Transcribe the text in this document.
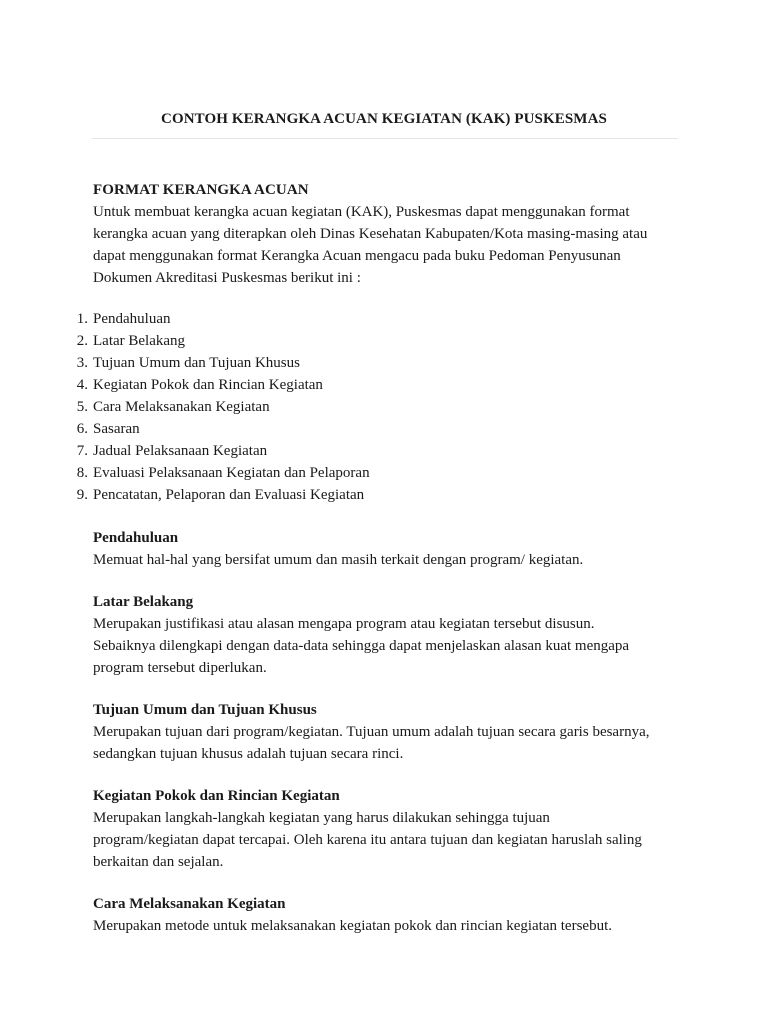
CONTOH KERANGKA ACUAN KEGIATAN (KAK) PUSKESMAS

FORMAT KERANGKA ACUAN

Untuk membuat kerangka acuan kegiatan (KAK), Puskesmas dapat menggunakan format

kerangka acuan yang diterapkan oleh Dinas Kesehatan Kabupaten/Kota masing-masing atau

dapat menggunakan format Kerangka Acuan mengacu pada buku Pedoman Penyusunan

Dokumen Akreditasi Puskesmas berikut ini :

1. Pendahuluan
2. Latar Belakang
3. Tujuan Umum dan Tujuan Khusus
4. Kegiatan Pokok dan Rincian Kegiatan
5. Cara Melaksanakan Kegiatan
6. Sasaran
7. Jadual Pelaksanaan Kegiatan
8. Evaluasi Pelaksanaan Kegiatan dan Pelaporan
9. Pencatatan, Pelaporan dan Evaluasi Kegiatan

Pendahuluan

Memuat hal-hal yang bersifat umum dan masih terkait dengan program/ kegiatan.

Latar Belakang

Merupakan justifikasi atau alasan mengapa program atau kegiatan tersebut disusun.

Sebaiknya dilengkapi dengan data-data sehingga dapat menjelaskan alasan kuat mengapa

program tersebut diperlukan.

Tujuan Umum dan Tujuan Khusus

Merupakan tujuan dari program/kegiatan. Tujuan umum adalah tujuan secara garis besarnya,

sedangkan tujuan khusus adalah tujuan secara rinci.

Kegiatan Pokok dan Rincian Kegiatan

Merupakan langkah-langkah kegiatan yang harus dilakukan sehingga tujuan

program/kegiatan dapat tercapai. Oleh karena itu antara tujuan dan kegiatan haruslah saling

berkaitan dan sejalan.

Cara Melaksanakan Kegiatan

Merupakan metode untuk melaksanakan kegiatan pokok dan rincian kegiatan tersebut.
